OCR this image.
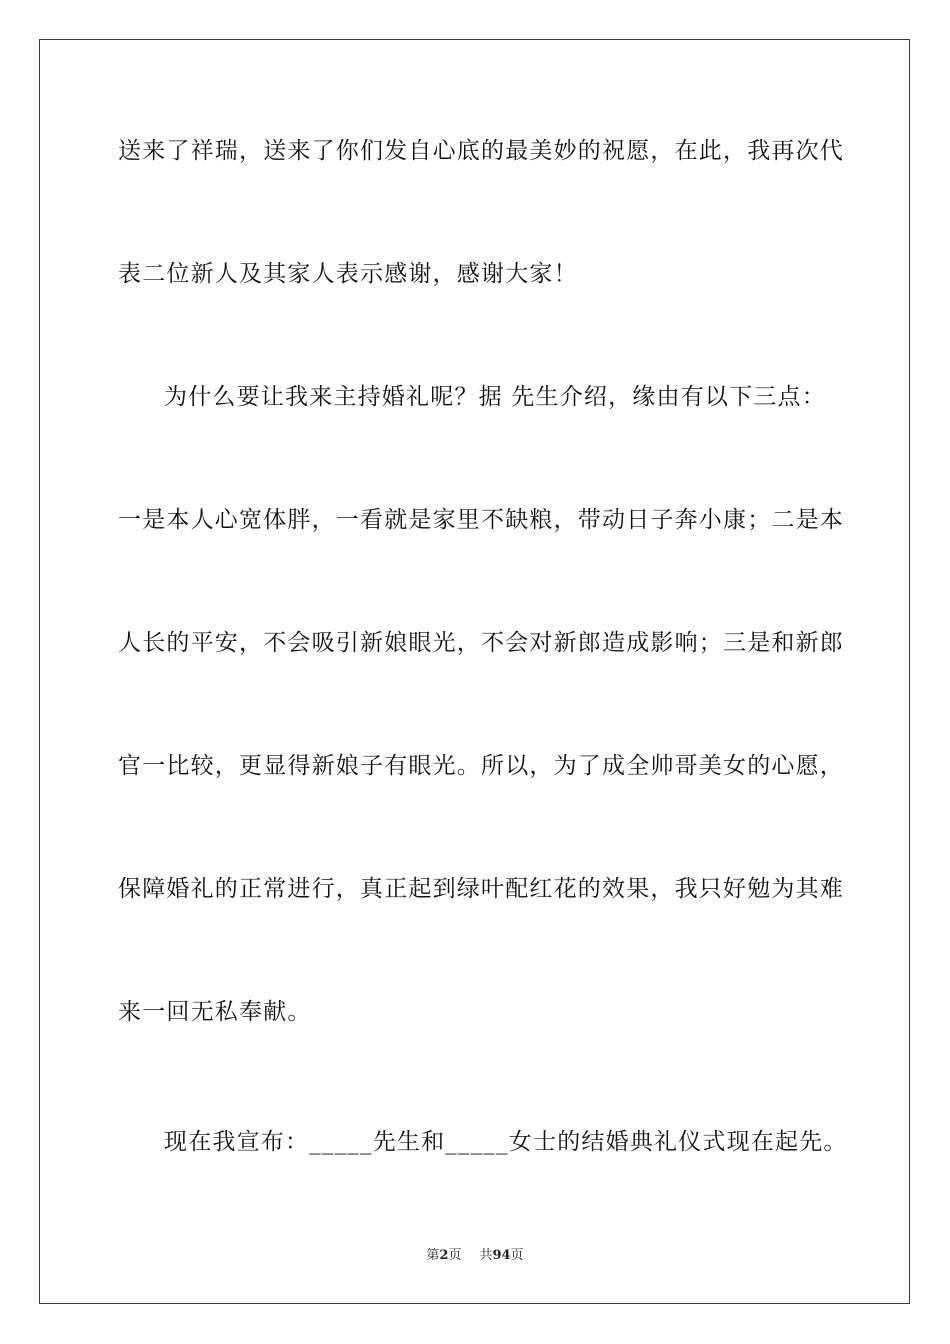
送来了祥瑞，送来了你们发自心底的最美妙的祝愿，在此，我再次代
表二位新人及其家人表示感谢，感谢大家！
为什么要让我来主持婚礼呢？据 先生介绍，缘由有以下三点：
一是本人心宽体胖，一看就是家里不缺粮，带动日子奔小康；二是本
人长的平安，不会吸引新娘眼光，不会对新郎造成影响；三是和新郎
官一比较，更显得新娘子有眼光。所以，为了成全帅哥美女的心愿，
保障婚礼的正常进行，真正起到绿叶配红花的效果，我只好勉为其难
来一回无私奉献。
现在我宣布：_____先生和_____女士的结婚典礼仪式现在起先。
第2页 共94页
